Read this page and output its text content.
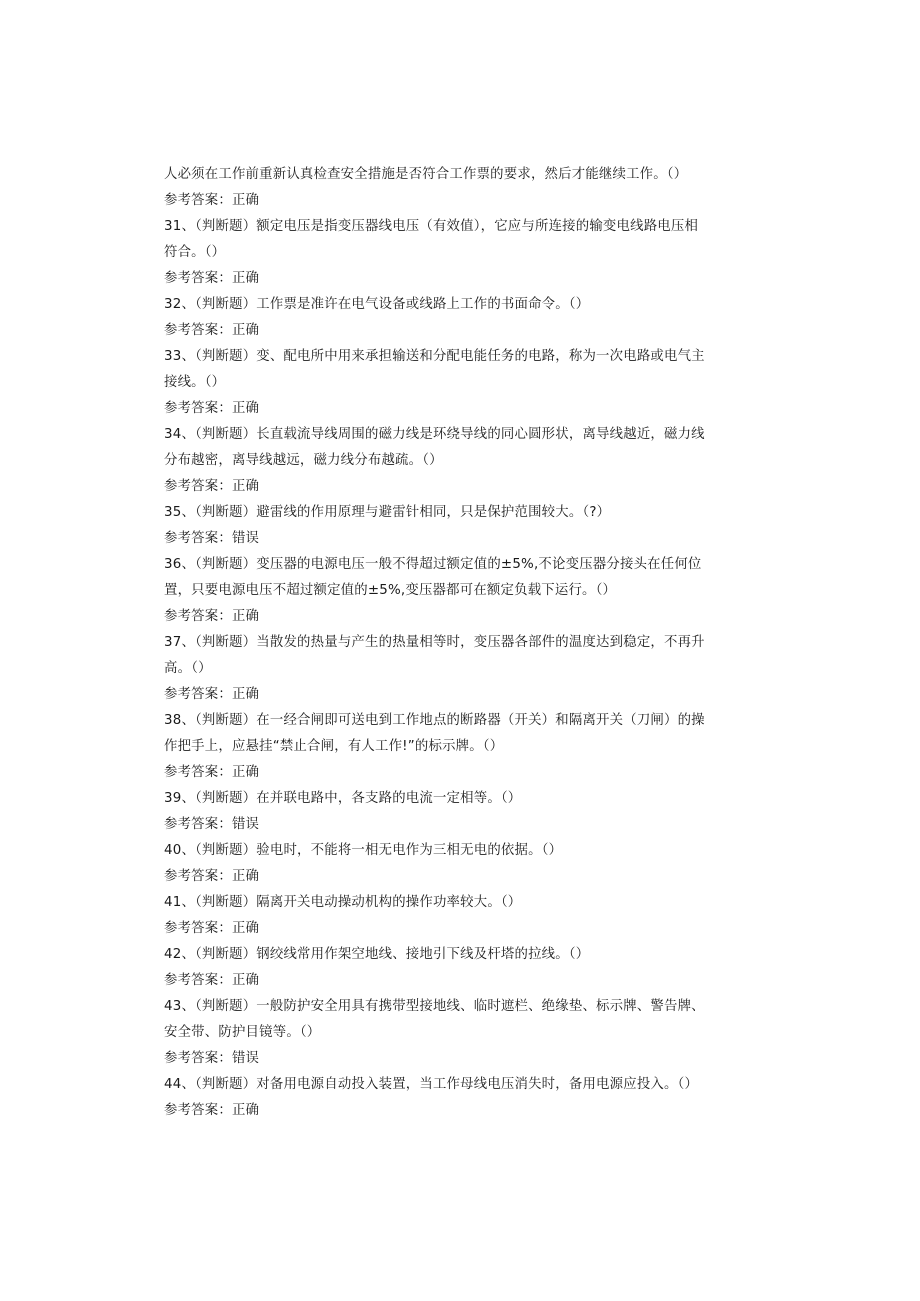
人必须在工作前重新认真检查安全措施是否符合工作票的要求，然后才能继续工作。（）
参考答案：正确
31、（判断题）额定电压是指变压器线电压（有效值），它应与所连接的输变电线路电压相
符合。（）
参考答案：正确
32、（判断题）工作票是准许在电气设备或线路上工作的书面命令。（）
参考答案：正确
33、（判断题）变、配电所中用来承担输送和分配电能任务的电路，称为一次电路或电气主
接线。（）
参考答案：正确
34、（判断题）长直载流导线周围的磁力线是环绕导线的同心圆形状，离导线越近，磁力线
分布越密，离导线越远，磁力线分布越疏。（）
参考答案：正确
35、（判断题）避雷线的作用原理与避雷针相同，只是保护范围较大。（?）
参考答案：错误
36、（判断题）变压器的电源电压一般不得超过额定值的±5%,不论变压器分接头在任何位
置，只要电源电压不超过额定值的±5%,变压器都可在额定负载下运行。（）
参考答案：正确
37、（判断题）当散发的热量与产生的热量相等时，变压器各部件的温度达到稳定，不再升
高。（）
参考答案：正确
38、（判断题）在一经合闸即可送电到工作地点的断路器（开关）和隔离开关（刀闸）的操
作把手上，应悬挂“禁止合闸，有人工作!”的标示牌。（）
参考答案：正确
39、（判断题）在并联电路中，各支路的电流一定相等。（）
参考答案：错误
40、（判断题）验电时，不能将一相无电作为三相无电的依据。（）
参考答案：正确
41、（判断题）隔离开关电动操动机构的操作功率较大。（）
参考答案：正确
42、（判断题）钢绞线常用作架空地线、接地引下线及杆塔的拉线。（）
参考答案：正确
43、（判断题）一般防护安全用具有携带型接地线、临时遮栏、绝缘垫、标示牌、警告牌、
安全带、防护目镜等。（）
参考答案：错误
44、（判断题）对备用电源自动投入装置，当工作母线电压消失时，备用电源应投入。（）
参考答案：正确
